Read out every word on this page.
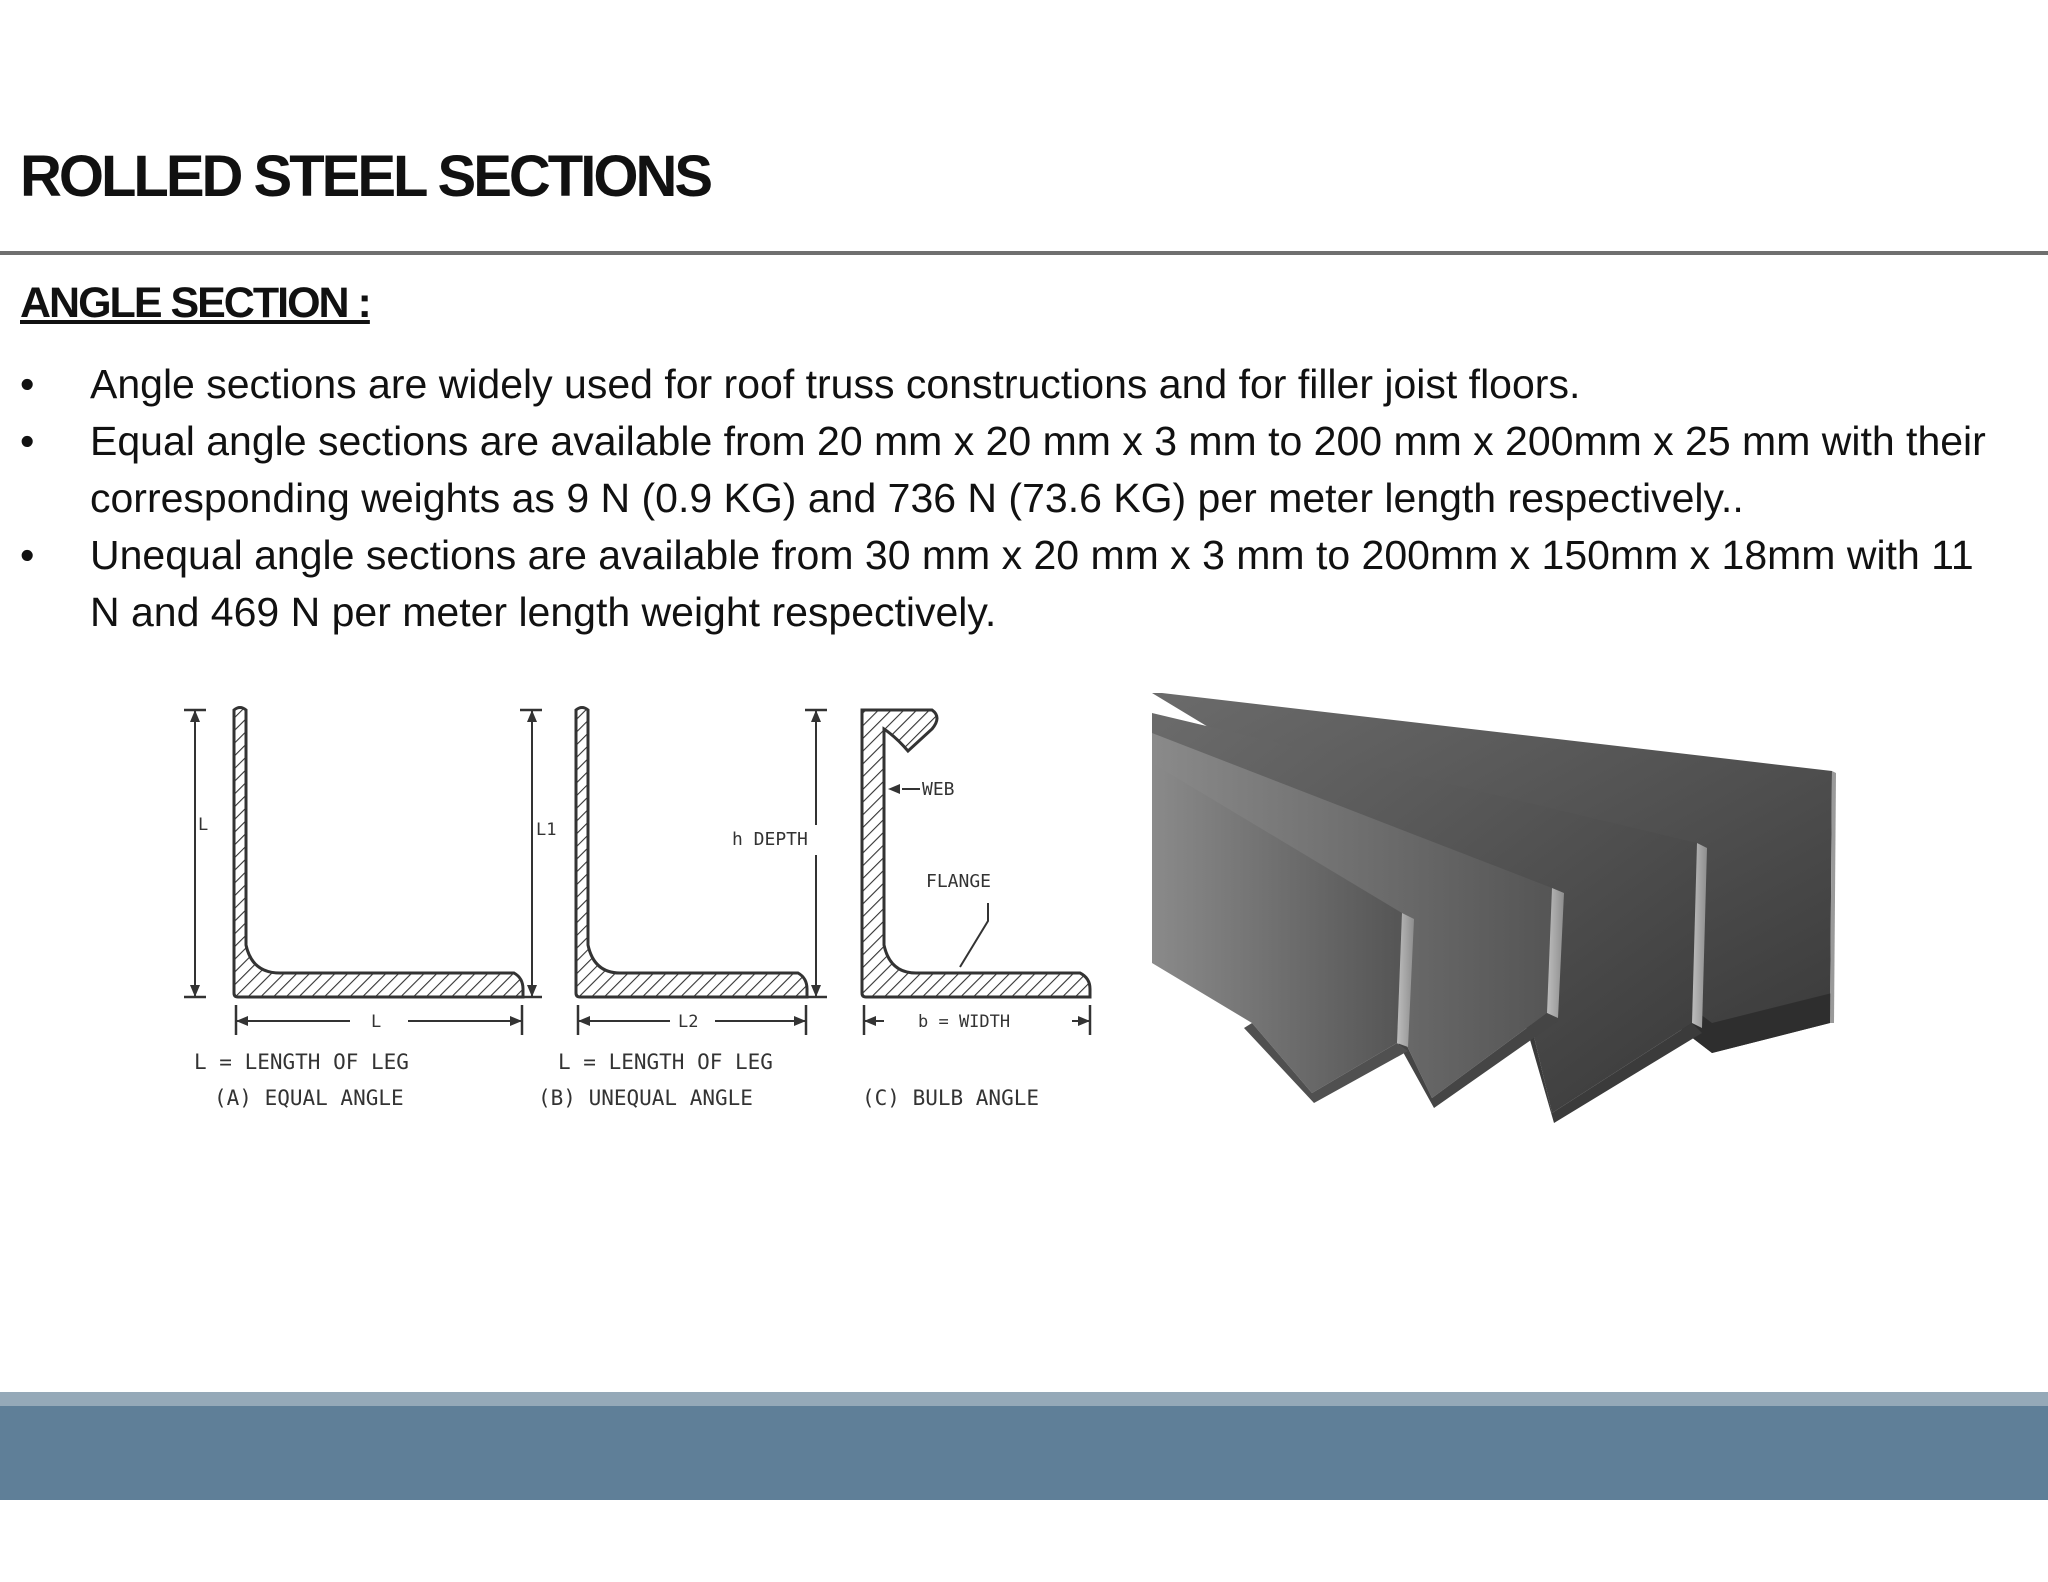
ROLLED STEEL SECTIONS
ANGLE SECTION :
• Angle sections are widely used for roof truss constructions and for filler joist floors.
• Equal angle sections are available from 20 mm x 20 mm x 3 mm to 200 mm x 200mm x 25 mm with their corresponding weights as 9 N (0.9 KG) and 736 N (73.6 KG) per meter length respectively..
• Unequal angle sections are available from 30 mm x 20 mm x 3 mm to 200mm x 150mm x 18mm with 11 N and 469 N per meter length weight respectively.
L
L
L = LENGTH OF LEG
(A) EQUAL ANGLE
L1
L2
L = LENGTH OF LEG
(B) UNEQUAL ANGLE
h DEPTH
WEB
FLANGE
b = WIDTH
(C) BULB ANGLE
